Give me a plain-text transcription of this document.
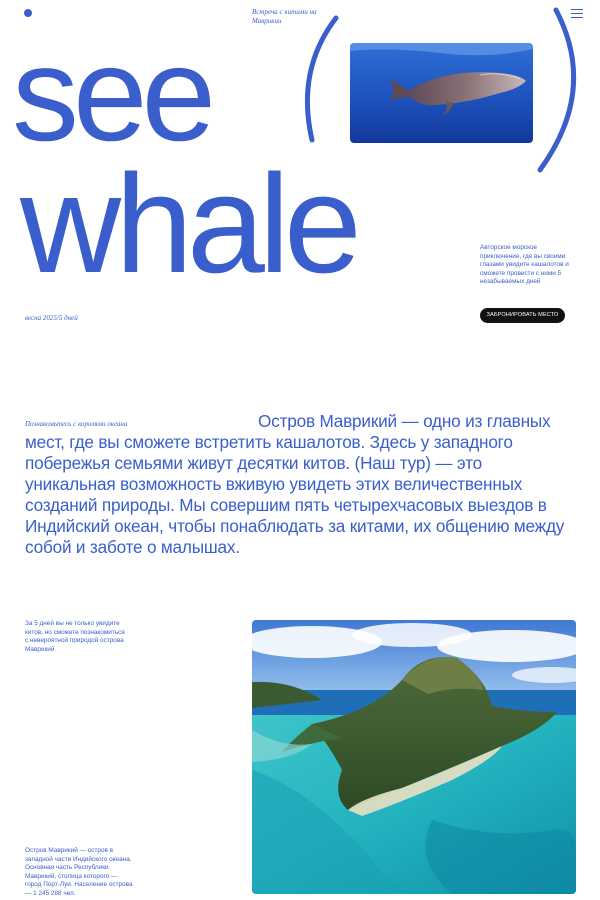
Встреча с китами на Маврикии
see
whale	Авторское морское приключение, где вы своими глазами увидите кашалотов и сможете провести с ними 5 незабываемых дней
весна 2025/5 дней	ЗАБРОНИРОВАТЬ МЕСТО
Познакомьтесь с королями океана	Остров Маврикий — одно из главных мест, где вы сможете встретить кашалотов. Здесь у западного побережья семьями живут десятки китов. (Наш тур) — это уникальная возможность вживую увидеть этих величественных созданий природы. Мы совершим пять четырехчасовых выездов в Индийский океан, чтобы понаблюдать за китами, их общению между собой и заботе о малышах.
За 5 дней вы не только увидите китов, но сможете познакомиться с невероятной природой острова Маврикий
Остров Маврикий — остров в западной части Индийского океана. Основная часть Республики Маврикий, столица которого — город Порт-Луи. Население острова — 1 245 288 чел.
